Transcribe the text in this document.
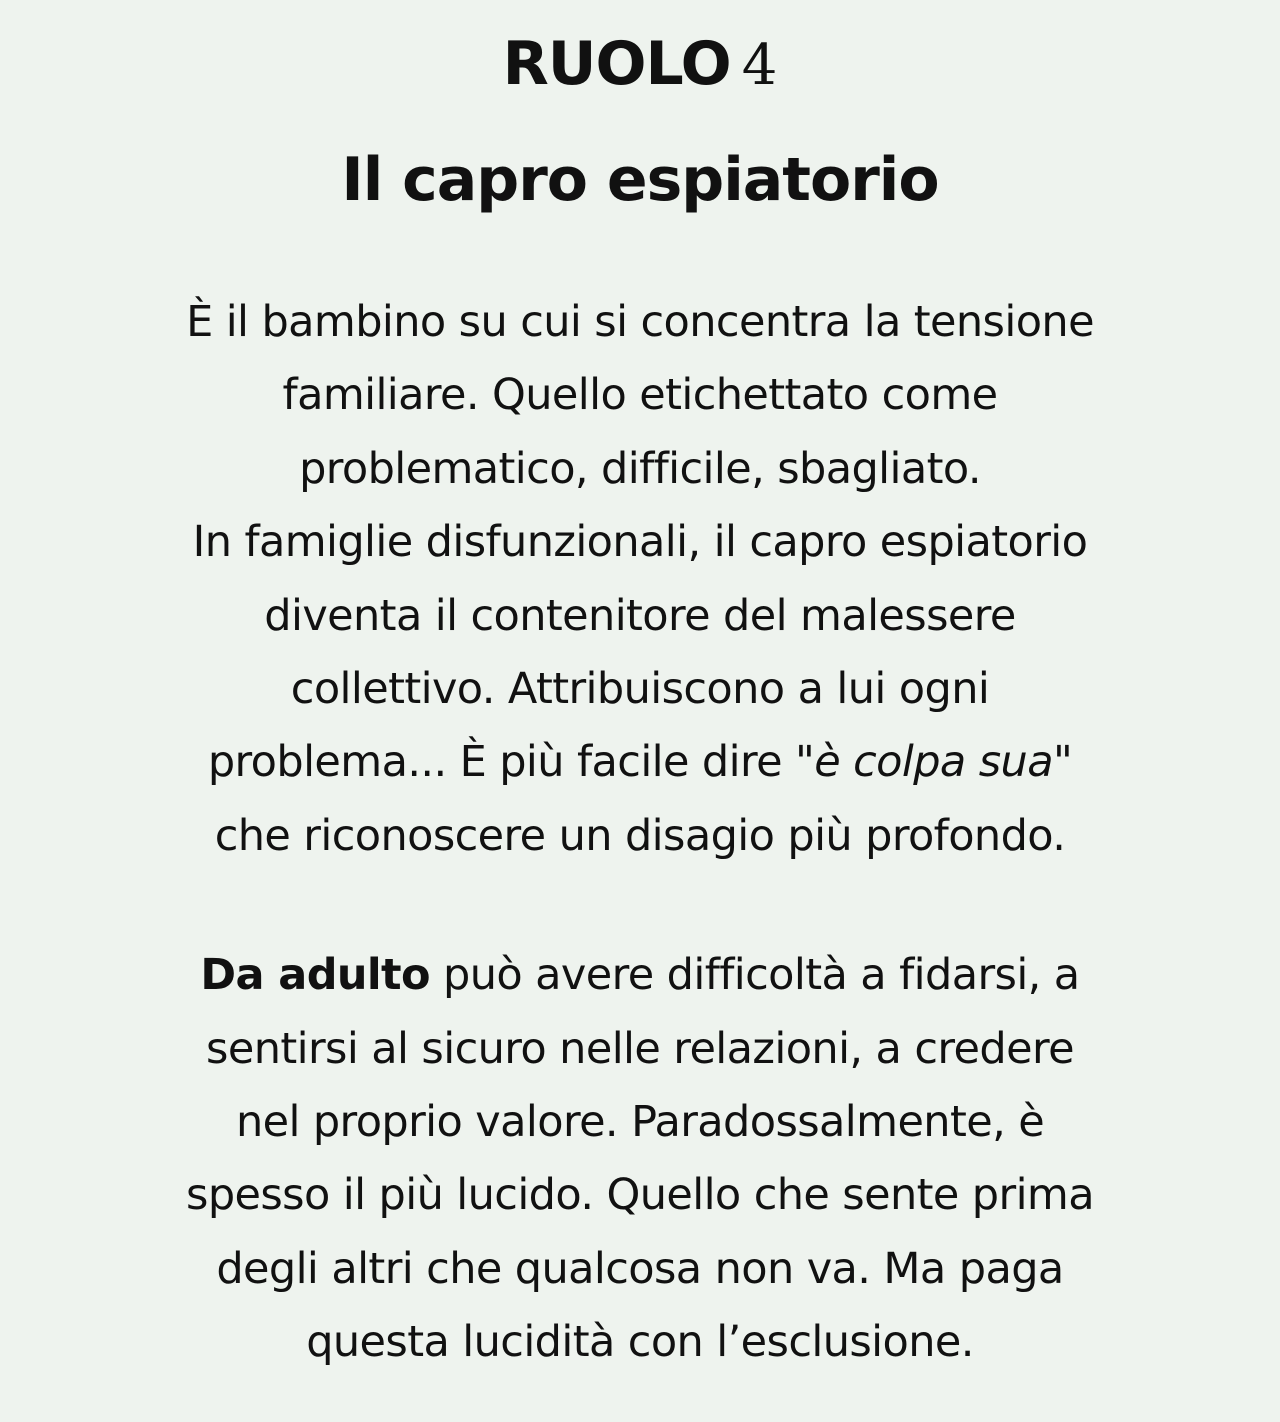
RUOLO 4
Il capro espiatorio

È il bambino su cui si concentra la tensione
familiare. Quello etichettato come
problematico, difficile, sbagliato.
In famiglie disfunzionali, il capro espiatorio
diventa il contenitore del malessere
collettivo. Attribuiscono a lui ogni
problema... È più facile dire "è colpa sua"
che riconoscere un disagio più profondo.

Da adulto può avere difficoltà a fidarsi, a
sentirsi al sicuro nelle relazioni, a credere
nel proprio valore. Paradossalmente, è
spesso il più lucido. Quello che sente prima
degli altri che qualcosa non va. Ma paga
questa lucidità con l’esclusione.
